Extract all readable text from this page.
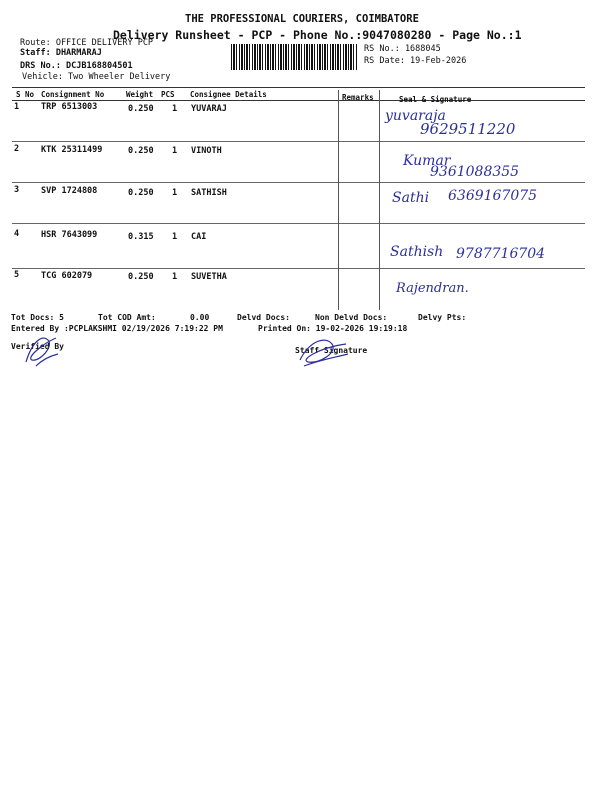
THE PROFESSIONAL COURIERS, COIMBATORE
Delivery Runsheet - PCP - Phone No.:9047080280 - Page No.:1
Route: OFFICE DELIVERY PCP
Staff: DHARMARAJ
DRS No.: DCJB168804501
Vehicle: Two Wheeler Delivery
RS No.: 1688045
RS Date: 19-Feb-2026
S No Consignment No	Weight PCS Consignee Details	Remarks	Seal & Signature
1	TRP 6513003	0.250 1 YUVARAJ	yuvaraja
9629511220
2	KTK 25311499	0.250 1 VINOTH
Kumar
9361088355
3	SVP 1724808	0.250 1 SATHISH	Sathi 6369167075
4	HSR 7643099	0.315 1 CAI
Sathish 9787716704
5	TCG 602079	0.250 1 SUVETHA
Rajendran.
Tot Docs: 5	Tot COD Amt:	0.00	Delvd Docs:	Non Delvd Docs:	Delvy Pts:
Entered By :PCPLAKSHMI 02/19/2026 7:19:22 PM	Printed On: 19-02-2026 19:19:18
Verified By	Staff Signature
